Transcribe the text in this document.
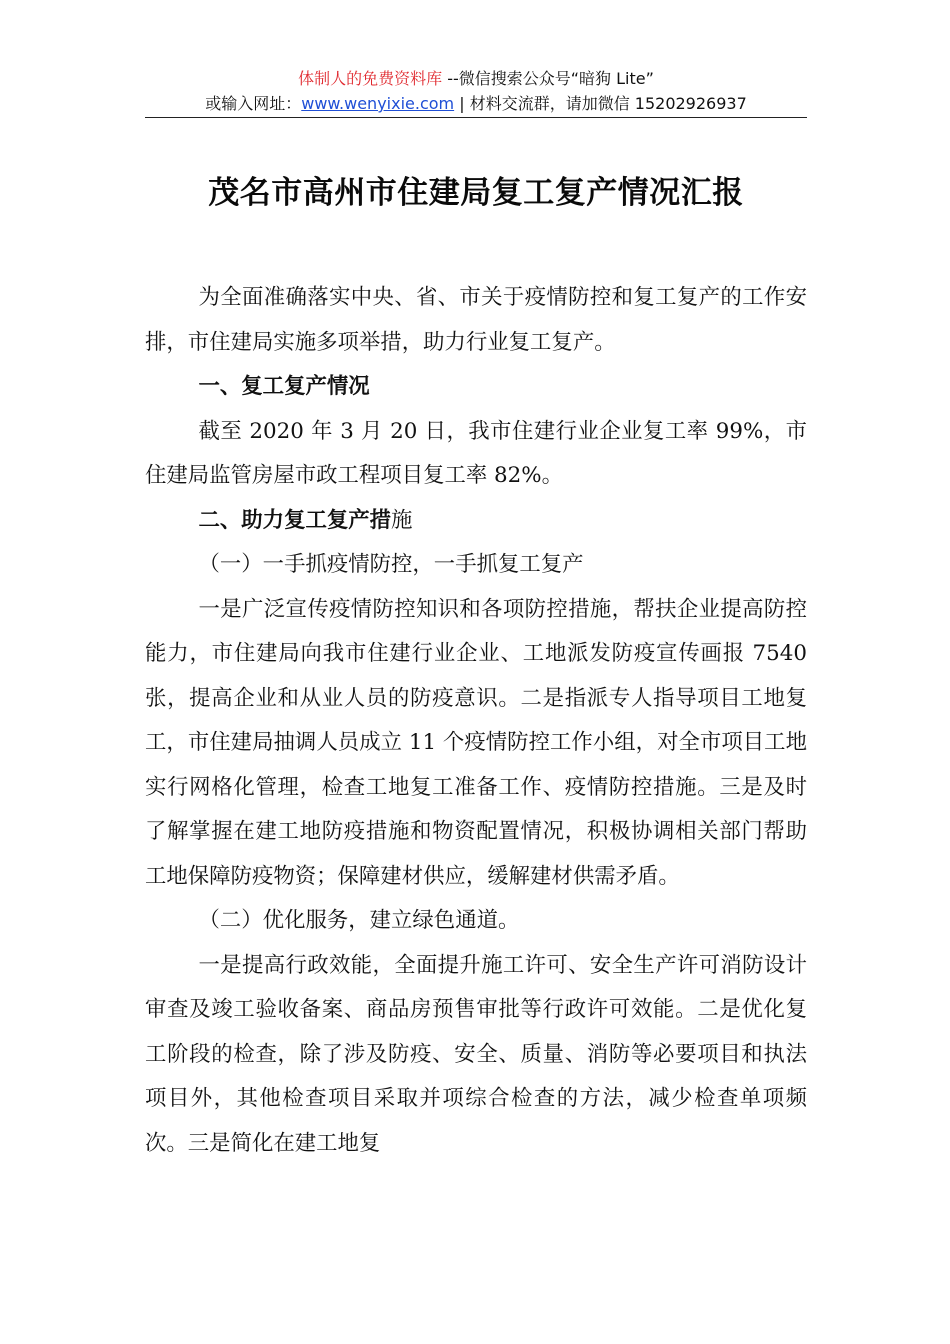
体制人的免费资料库 --微信搜索公众号“暗狗 Lite”
或输入网址：www.wenyixie.com | 材料交流群，请加微信 15202926937
茂名市高州市住建局复工复产情况汇报

为全面准确落实中央、省、市关于疫情防控和复工复产的工作安排，市住建局实施多项举措，助力行业复工复产。

一、复工复产情况

截至 2020 年 3 月 20 日，我市住建行业企业复工率 99%，市住建局监管房屋市政工程项目复工率 82%。

二、助力复工复产措施

（一）一手抓疫情防控，一手抓复工复产

一是广泛宣传疫情防控知识和各项防控措施，帮扶企业提高防控能力，市住建局向我市住建行业企业、工地派发防疫宣传画报 7540 张，提高企业和从业人员的防疫意识。二是指派专人指导项目工地复工，市住建局抽调人员成立 11 个疫情防控工作小组，对全市项目工地实行网格化管理，检查工地复工准备工作、疫情防控措施。三是及时了解掌握在建工地防疫措施和物资配置情况，积极协调相关部门帮助工地保障防疫物资；保障建材供应，缓解建材供需矛盾。

（二）优化服务，建立绿色通道。

一是提高行政效能，全面提升施工许可、安全生产许可消防设计审查及竣工验收备案、商品房预售审批等行政许可效能。二是优化复工阶段的检查，除了涉及防疫、安全、质量、消防等必要项目和执法项目外，其他检查项目采取并项综合检查的方法，减少检查单项频次。三是简化在建工地复
